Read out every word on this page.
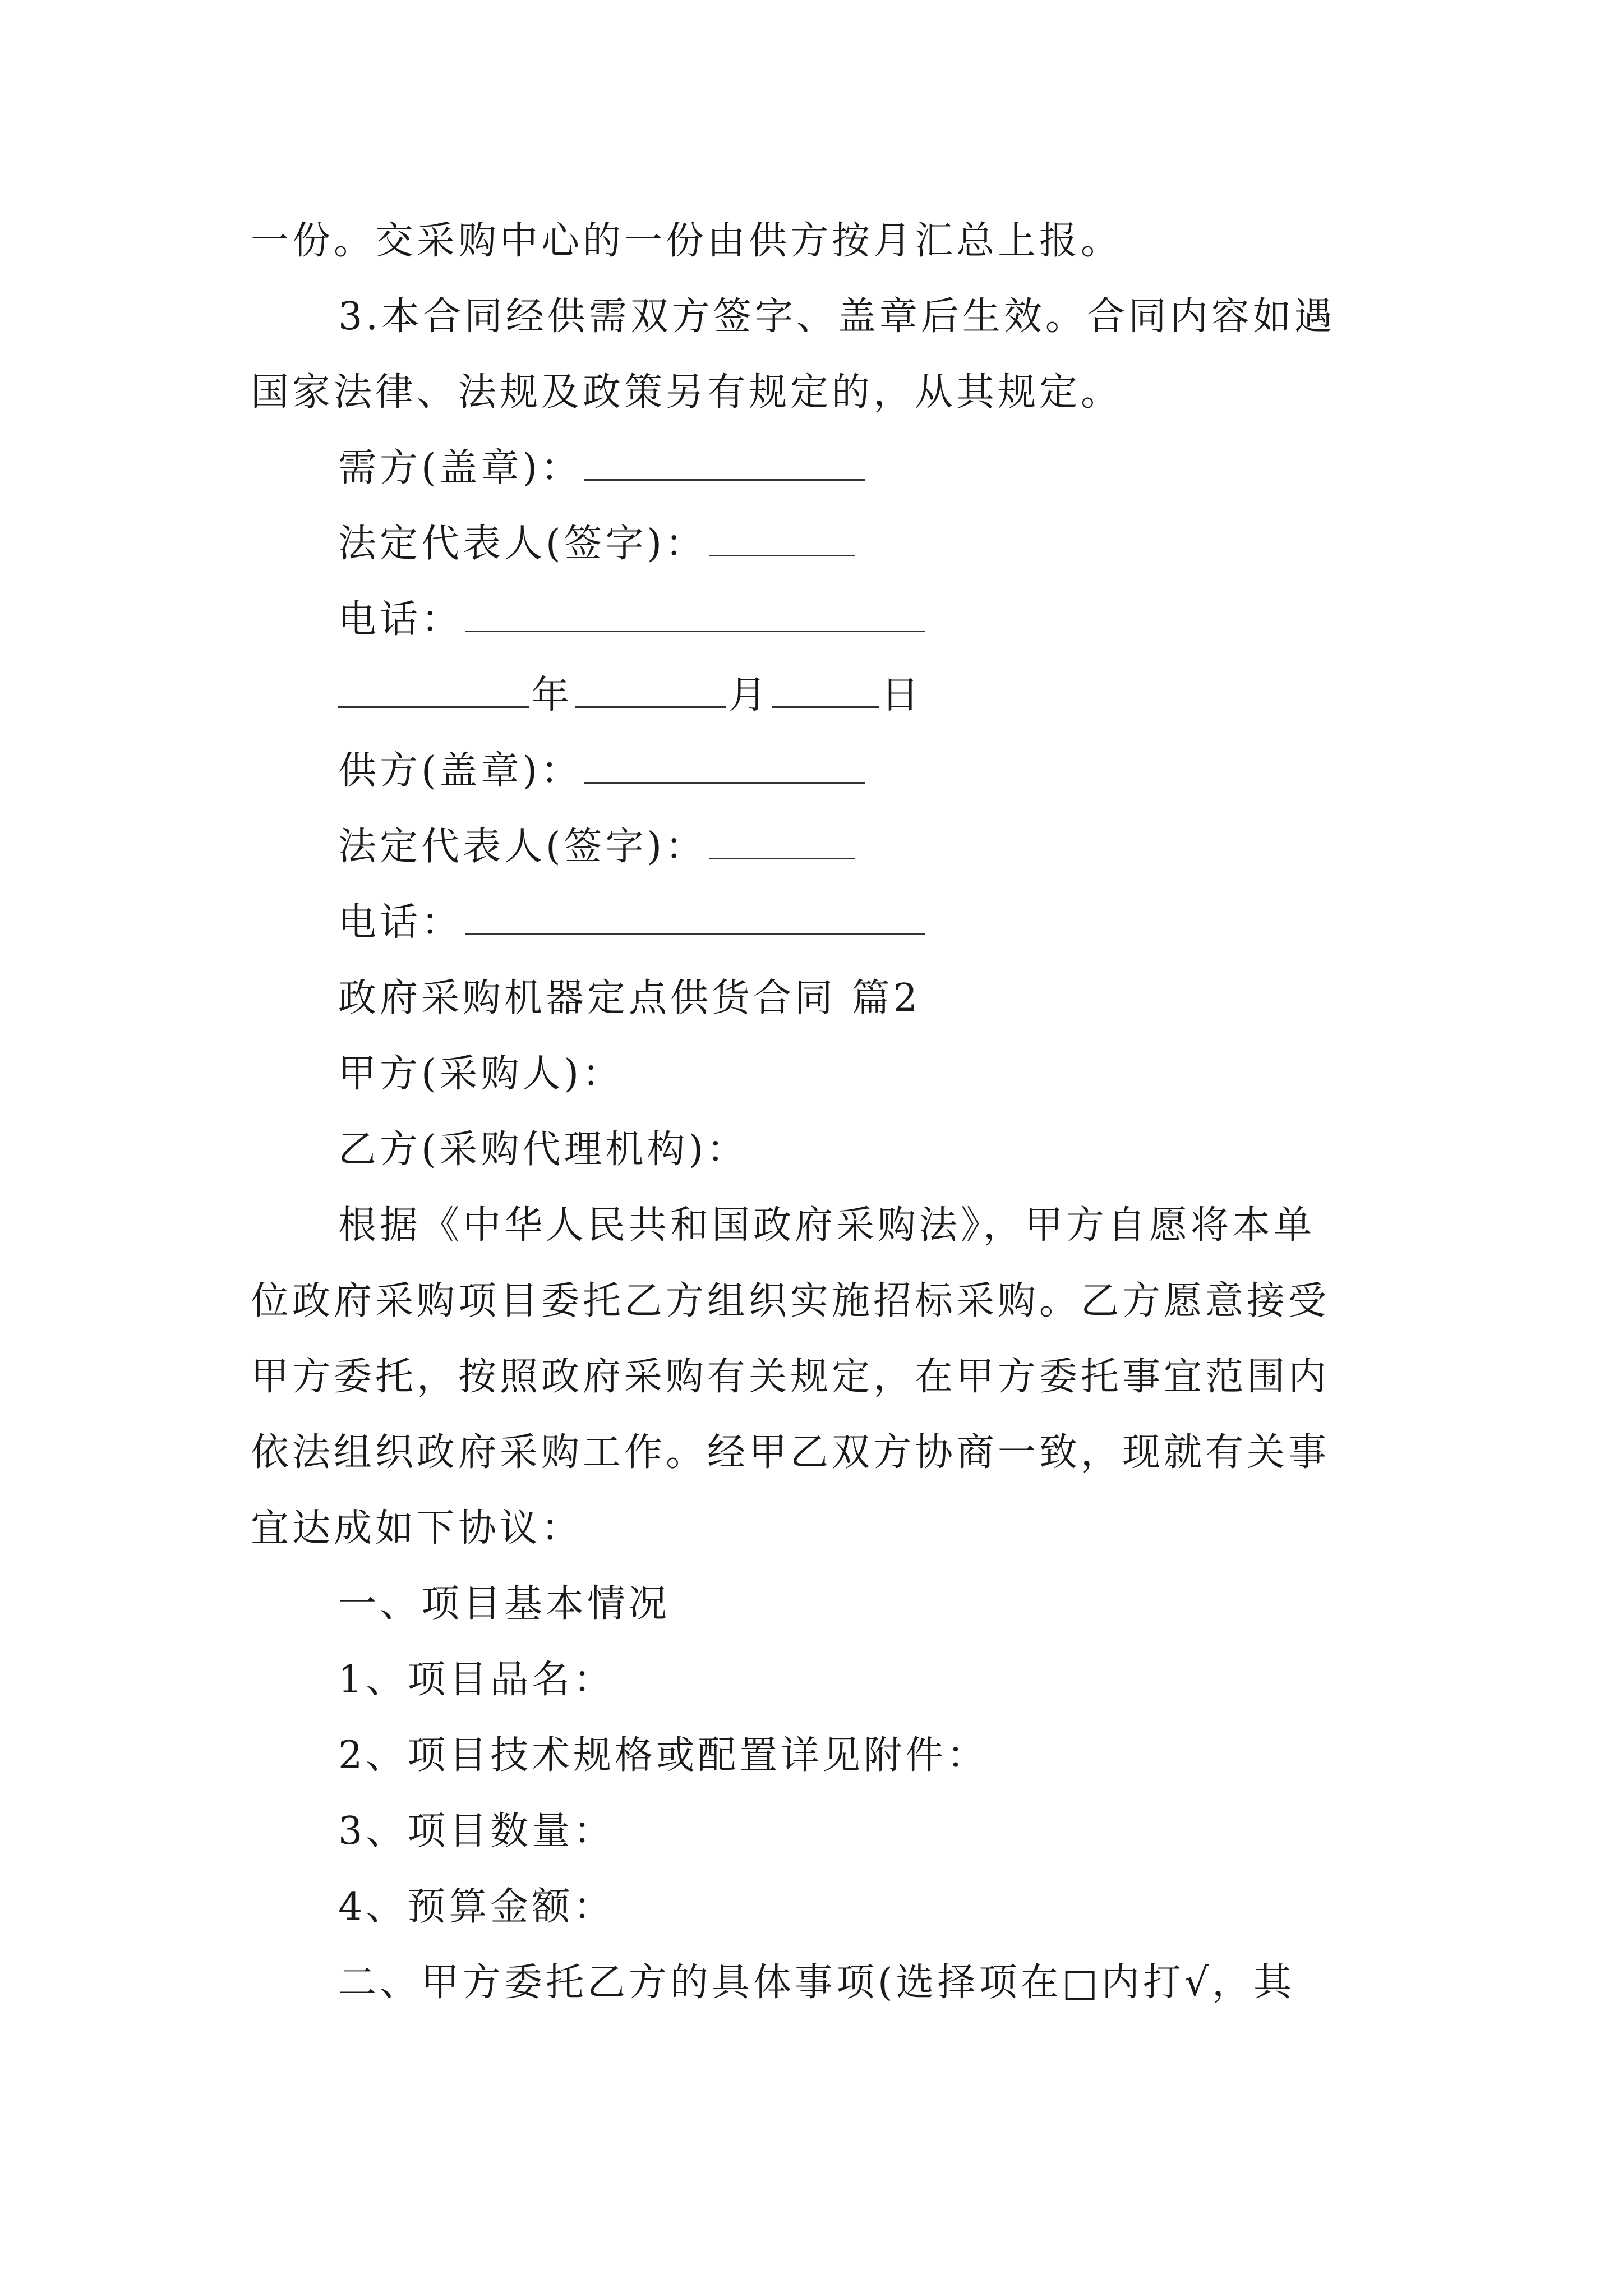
一份。交采购中心的一份由供方按月汇总上报。
3.本合同经供需双方签字、盖章后生效。合同内容如遇
国家法律、法规及政策另有规定的，从其规定。
需方(盖章)：
法定代表人(签字)：
电话：
年	月	日
供方(盖章)：
法定代表人(签字)：
电话：
政府采购机器定点供货合同 篇2
甲方(采购人)：
乙方(采购代理机构)：
根据《中华人民共和国政府采购法》，甲方自愿将本单
位政府采购项目委托乙方组织实施招标采购。乙方愿意接受
甲方委托，按照政府采购有关规定，在甲方委托事宜范围内
依法组织政府采购工作。经甲乙双方协商一致，现就有关事
宜达成如下协议：
一、项目基本情况
1、项目品名：
2、项目技术规格或配置详见附件：
3、项目数量：
4、预算金额：
二、甲方委托乙方的具体事项(选择项在□内打√，其
